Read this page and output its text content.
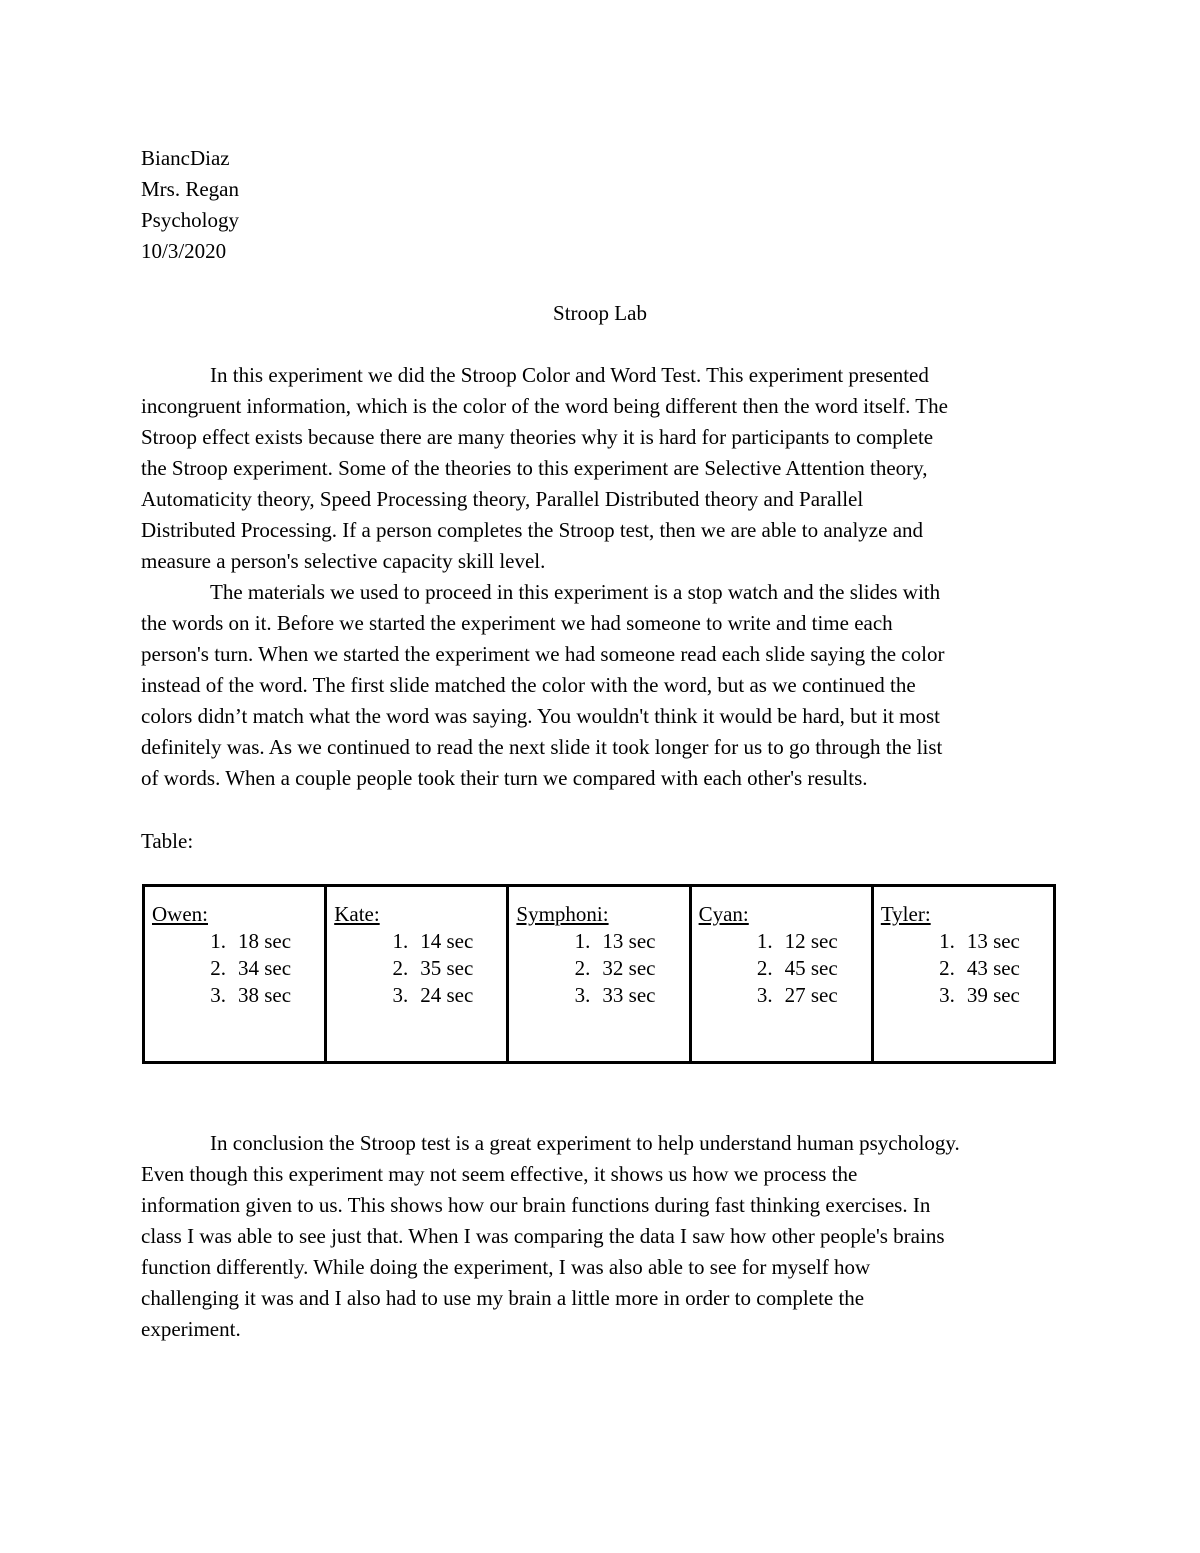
BiancDiaz
Mrs. Regan
Psychology
10/3/2020
Stroop Lab
In this experiment we did the Stroop Color and Word Test. This experiment presented
incongruent information, which is the color of the word being different then the word itself. The
Stroop effect exists because there are many theories why it is hard for participants to complete
the Stroop experiment. Some of the theories to this experiment are Selective Attention theory,
Automaticity theory, Speed Processing theory, Parallel Distributed theory and Parallel
Distributed Processing. If a person completes the Stroop test, then we are able to analyze and
measure a person's selective capacity skill level.
The materials we used to proceed in this experiment is a stop watch and the slides with
the words on it. Before we started the experiment we had someone to write and time each
person's turn. When we started the experiment we had someone read each slide saying the color
instead of the word. The first slide matched the color with the word, but as we continued the
colors didn’t match what the word was saying. You wouldn't think it would be hard, but it most
definitely was. As we continued to read the next slide it took longer for us to go through the list
of words. When a couple people took their turn we compared with each other's results.
Table:
Owen:
1. 18 sec
2. 34 sec
3. 38 sec
Kate:
1. 14 sec
2. 35 sec
3. 24 sec
Symphoni:
1. 13 sec
2. 32 sec
3. 33 sec
Cyan:
1. 12 sec
2. 45 sec
3. 27 sec
Tyler:
1. 13 sec
2. 43 sec
3. 39 sec
In conclusion the Stroop test is a great experiment to help understand human psychology.
Even though this experiment may not seem effective, it shows us how we process the
information given to us. This shows how our brain functions during fast thinking exercises. In
class I was able to see just that. When I was comparing the data I saw how other people's brains
function differently. While doing the experiment, I was also able to see for myself how
challenging it was and I also had to use my brain a little more in order to complete the
experiment.
